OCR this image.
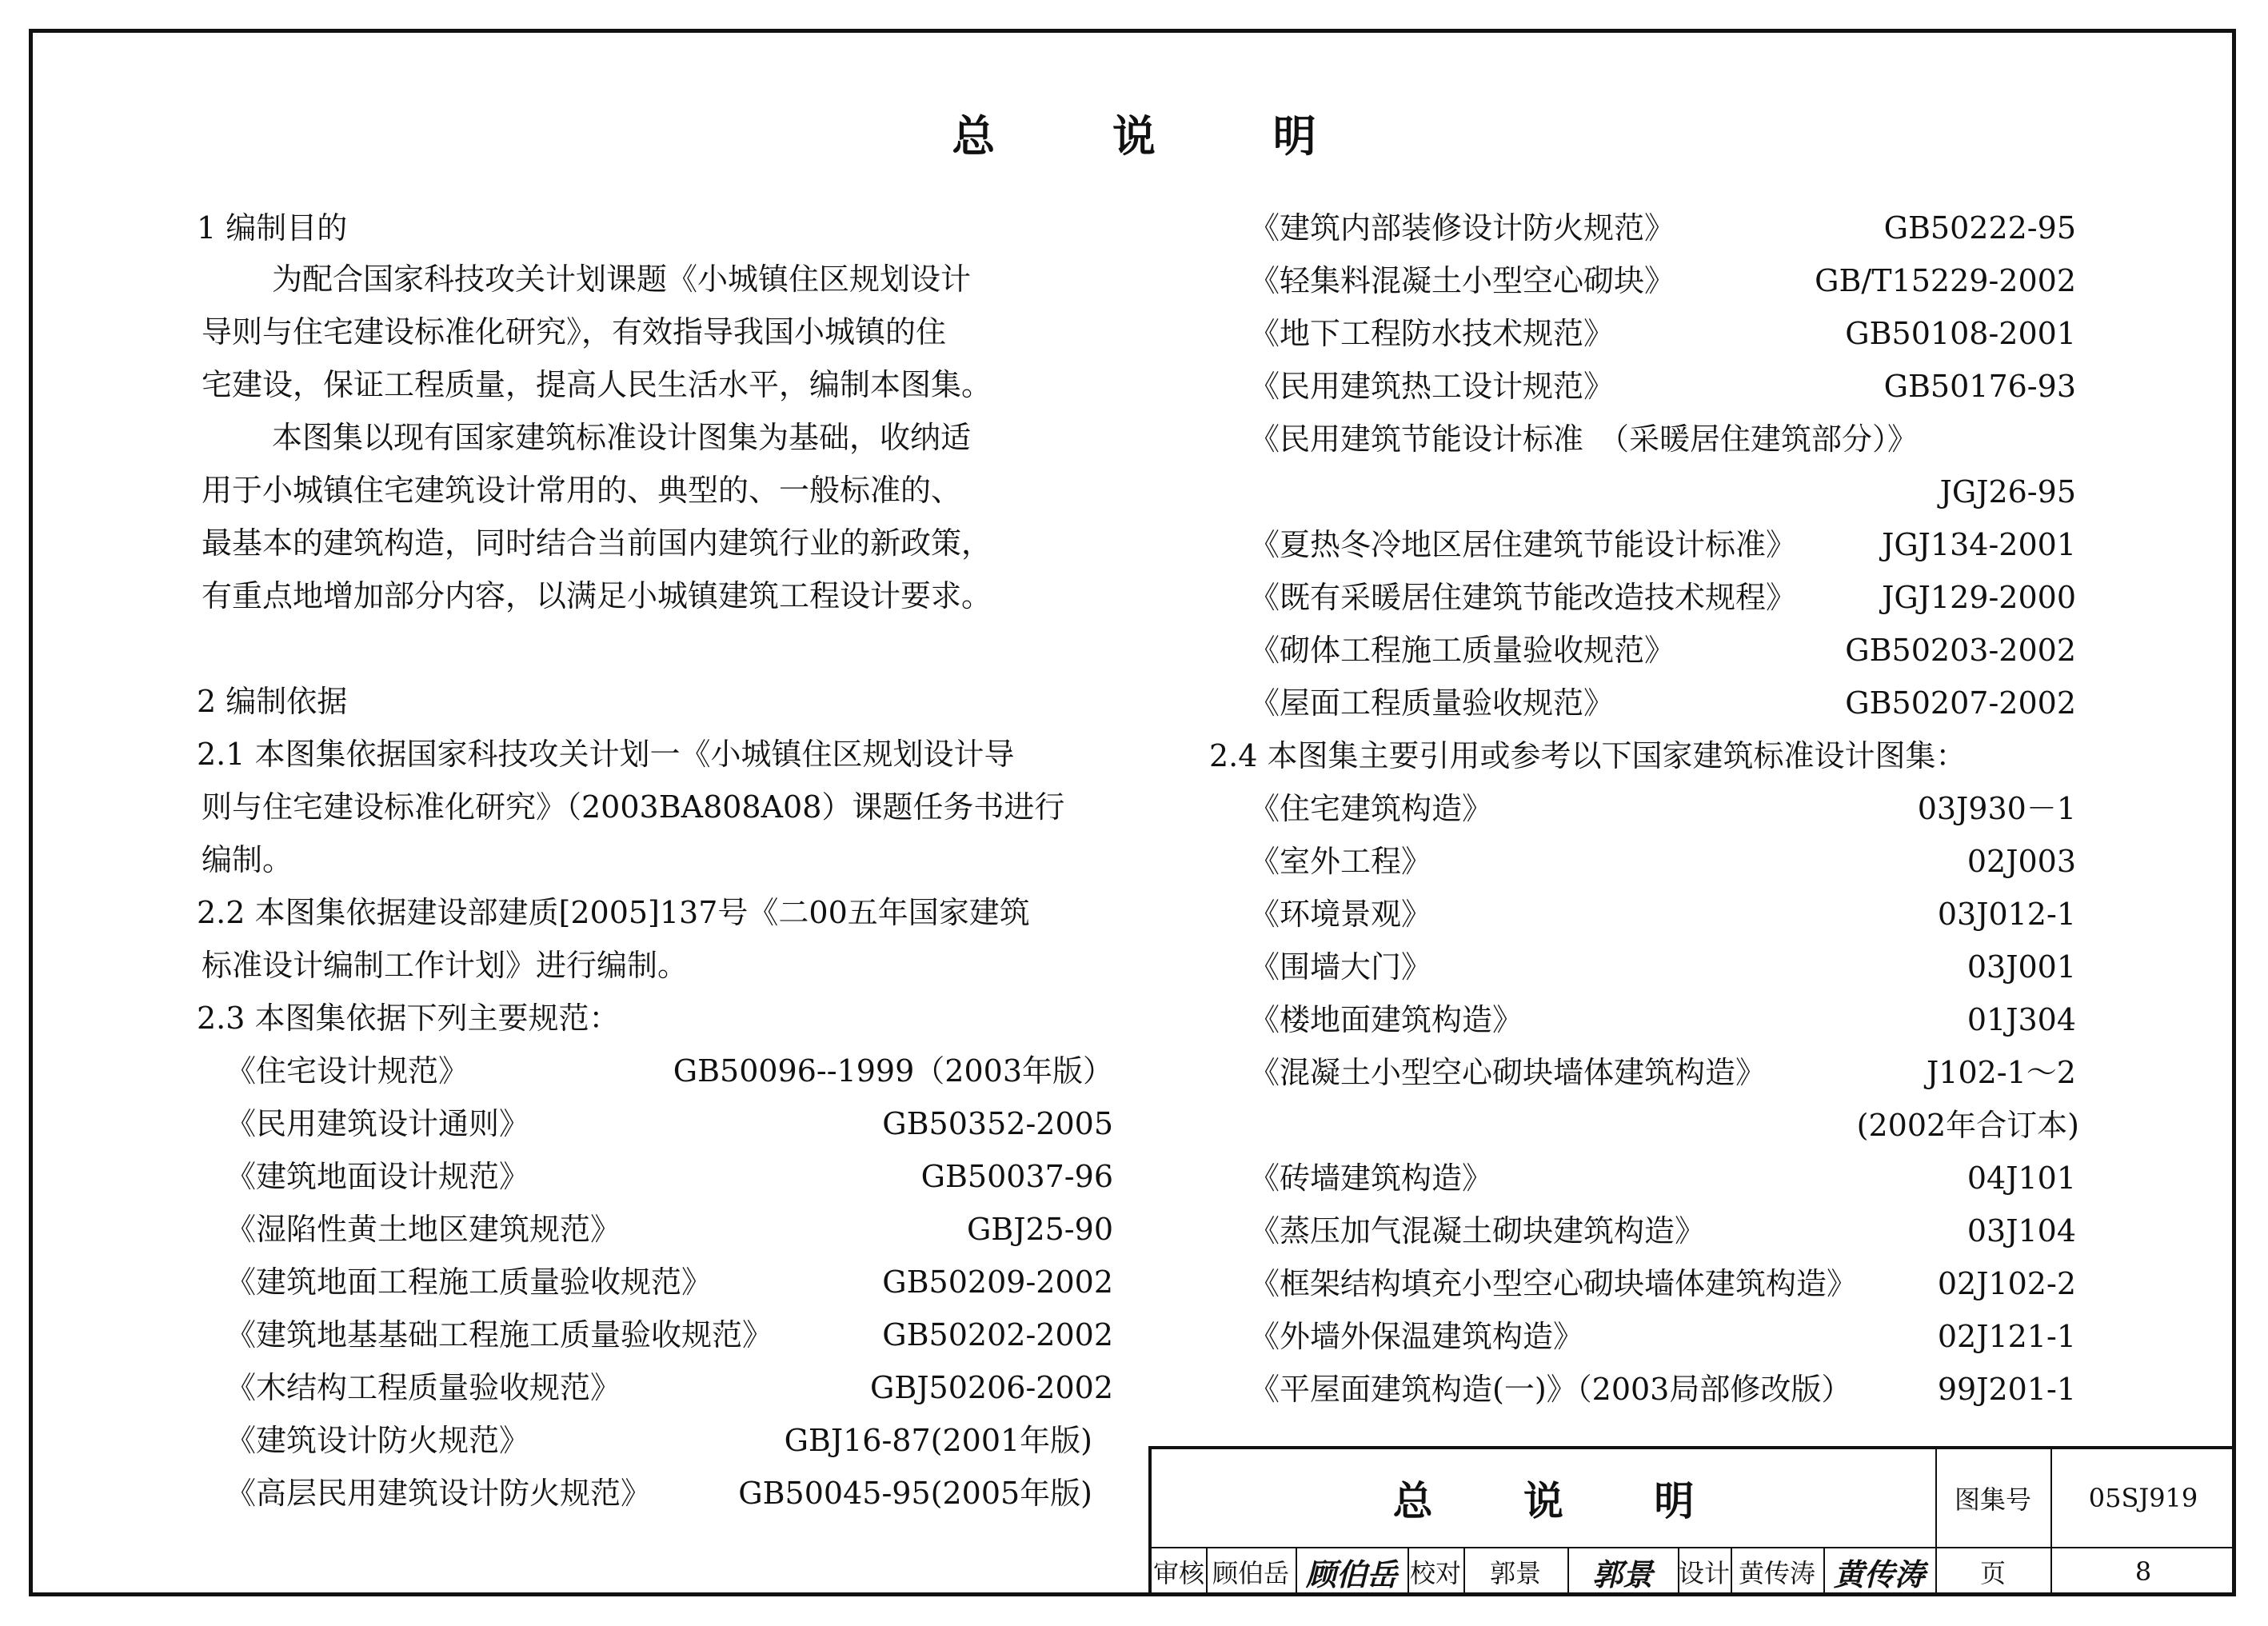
总 说 明
1 编制目的
为配合国家科技攻关计划课题《小城镇住区规划设计
导则与住宅建设标准化研究》，有效指导我国小城镇的住
宅建设，保证工程质量，提高人民生活水平，编制本图集。
本图集以现有国家建筑标准设计图集为基础，收纳适
用于小城镇住宅建筑设计常用的、典型的、一般标准的、
最基本的建筑构造，同时结合当前国内建筑行业的新政策，
有重点地增加部分内容，以满足小城镇建筑工程设计要求。
2 编制依据
2.1 本图集依据国家科技攻关计划一《小城镇住区规划设计导
则与住宅建设标准化研究》（2003BA808A08）课题任务书进行
编制。
2.2 本图集依据建设部建质[2005]137号《二00五年国家建筑
标准设计编制工作计划》进行编制。
2.3 本图集依据下列主要规范：
《住宅设计规范》	GB50096--1999（2003年版）
《民用建筑设计通则》	GB50352-2005
《建筑地面设计规范》	GB50037-96
《湿陷性黄土地区建筑规范》	GBJ25-90
《建筑地面工程施工质量验收规范》	GB50209-2002
《建筑地基基础工程施工质量验收规范》	GB50202-2002
《木结构工程质量验收规范》	GBJ50206-2002
《建筑设计防火规范》	GBJ16-87(2001年版)
《高层民用建筑设计防火规范》	GB50045-95(2005年版)
《建筑内部装修设计防火规范》	GB50222-95
《轻集料混凝土小型空心砌块》	GB/T15229-2002
《地下工程防水技术规范》	GB50108-2001
《民用建筑热工设计规范》	GB50176-93
《民用建筑节能设计标准　（采暖居住建筑部分）》
JGJ26-95
《夏热冬冷地区居住建筑节能设计标准》	JGJ134-2001
《既有采暖居住建筑节能改造技术规程》	JGJ129-2000
《砌体工程施工质量验收规范》	GB50203-2002
《屋面工程质量验收规范》	GB50207-2002
2.4 本图集主要引用或参考以下国家建筑标准设计图集：
《住宅建筑构造》	03J930－1
《室外工程》	02J003
《环境景观》	03J012-1
《围墙大门》	03J001
《楼地面建筑构造》	01J304
《混凝土小型空心砌块墙体建筑构造》	J102-1～2
(2002年合订本)
《砖墙建筑构造》	04J101
《蒸压加气混凝土砌块建筑构造》	03J104
《框架结构填充小型空心砌块墙体建筑构造》	02J102-2
《外墙外保温建筑构造》	02J121-1
《平屋面建筑构造(一)》（2003局部修改版）	99J201-1
总 说 明	图集号	05SJ919
审核 顾伯岳 顾伯岳 校对	郭景	郭景 设计 黄传涛 黄传涛	页	8
